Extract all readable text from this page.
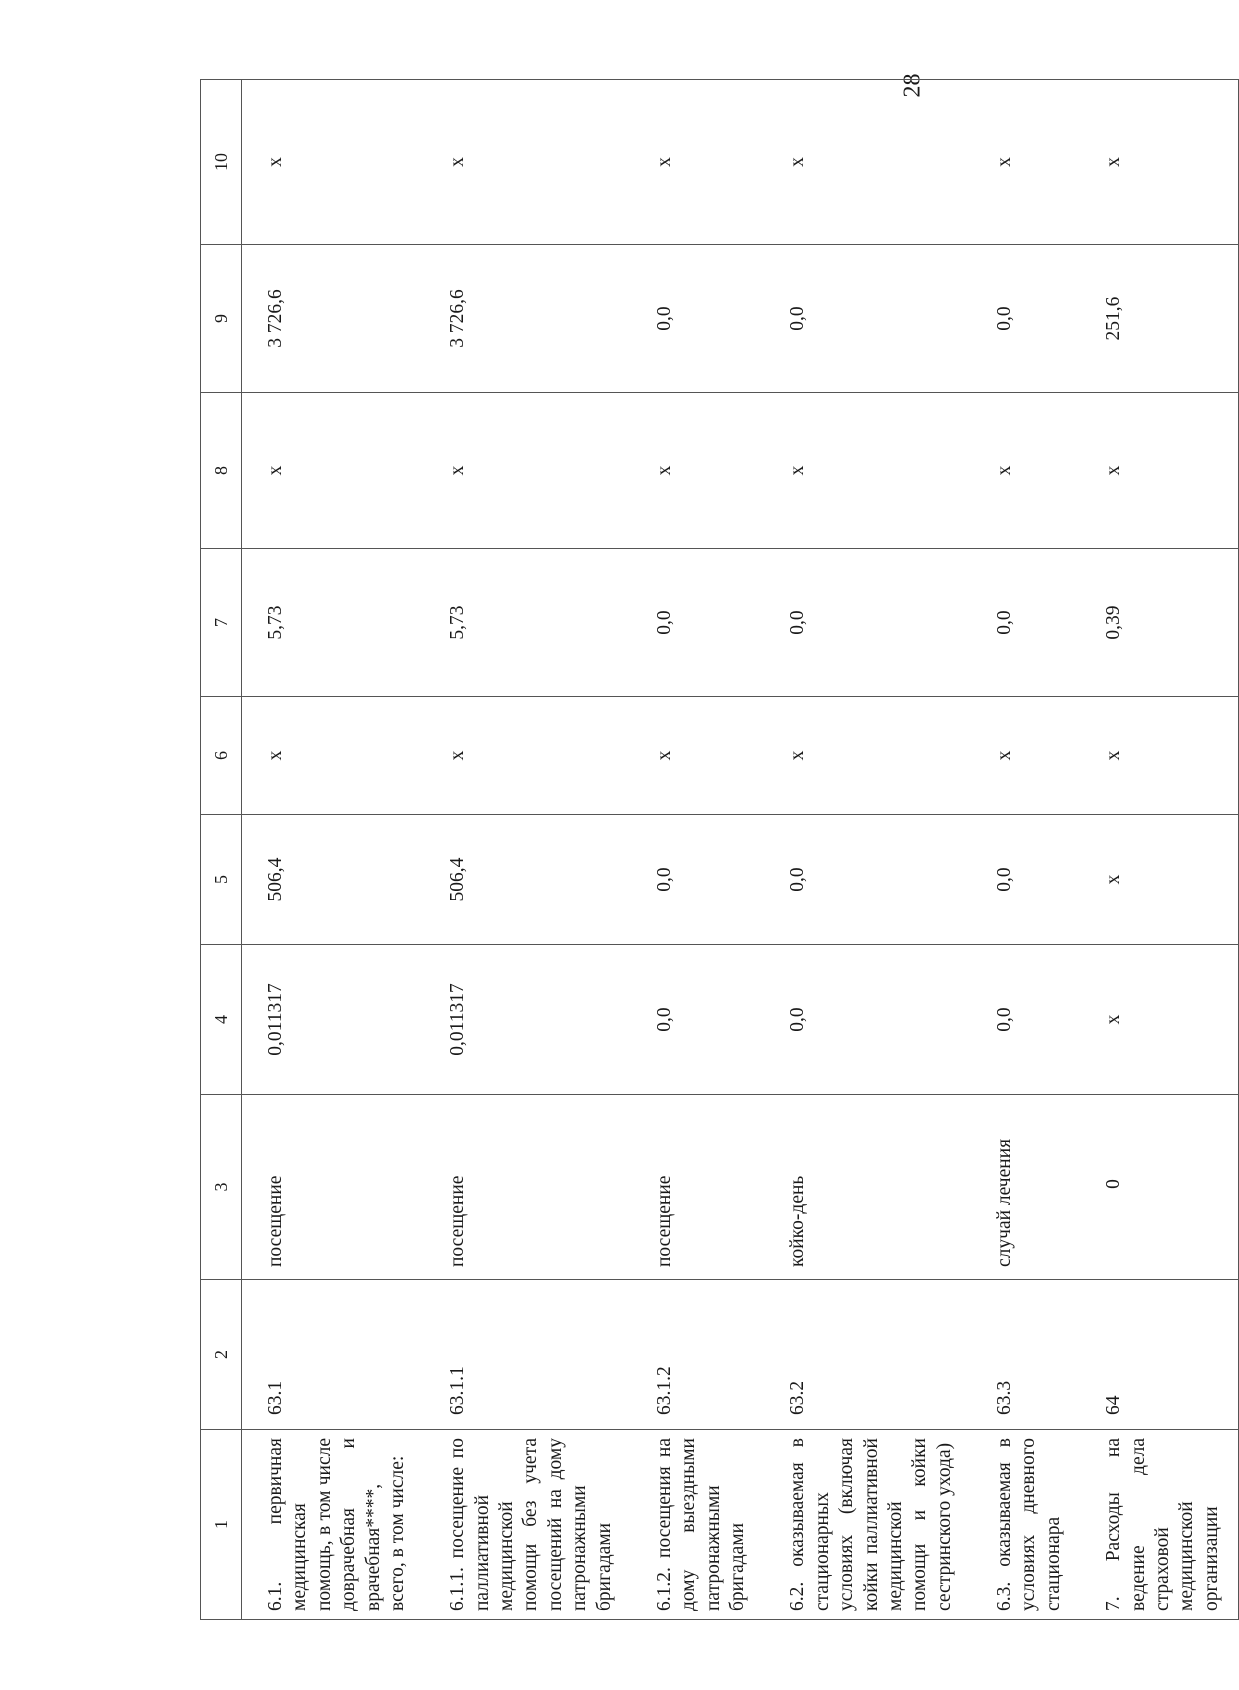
28
1	2	3	4	5	6	7	8	9	10
6.1. первичная медицинская помощь, в том числе доврачебная и врачебная****, всего, в том числе:	63.1	посещение	0,011317	506,4	x	5,73	x	3 726,6	x
6.1.1. посещение по паллиативной медицинской помощи без учета посещений на дому патронажными бригадами	63.1.1	посещение	0,011317	506,4	x	5,73	x	3 726,6	x
6.1.2. посещения на дому выездными патронажными бригадами	63.1.2	посещение	0,0	0,0	x	0,0	x	0,0	x
6.2. оказываемая в стационарных условиях (включая койки паллиативной медицинской помощи и койки сестринского ухода)	63.2	койко-день	0,0	0,0	x	0,0	x	0,0	x
6.3. оказываемая в условиях дневного стационара	63.3	случай лечения	0,0	0,0	x	0,0	x	0,0	x
7. Расходы на ведение дела страховой медицинской организации	64	0	x	x	x	0,39	x	251,6	x
